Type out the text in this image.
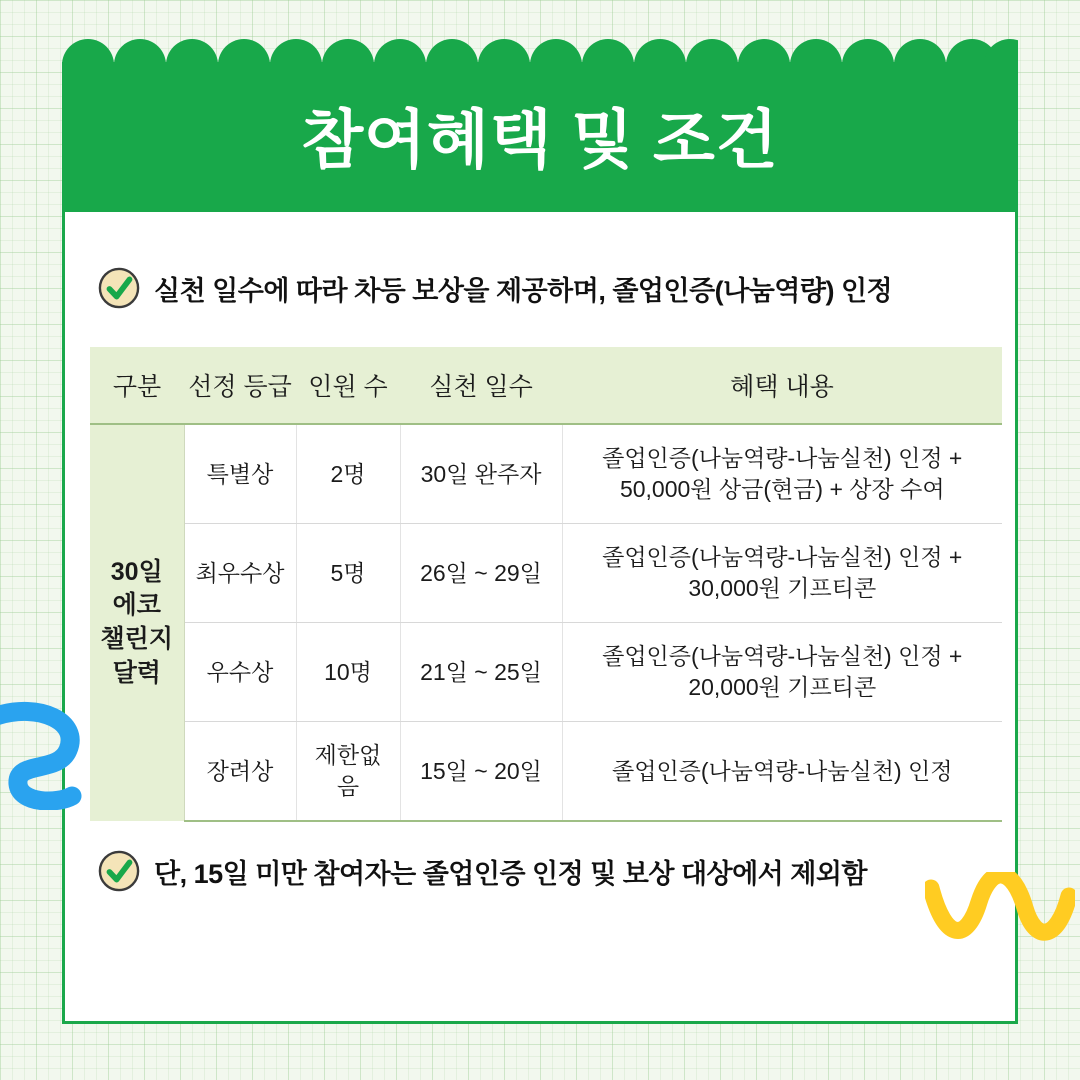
참여혜택 및 조건
실천 일수에 따라 차등 보상을 제공하며, 졸업인증(나눔역량) 인정
구분	선정 등급	인원 수	실천 일수	혜택 내용

30일
에코
챌린지
달력
	특별상	2명	30일 완주자	
졸업인증(나눔역량-나눔실천) 인정 +
50,000원 상금(현금) + 상장 수여

	최우수상	5명	26일 ~ 29일	졸업인증(나눔역량-나눔실천) 인정 +
30,000원 기프티콘

	우수상	10명	21일 ~ 25일	졸업인증(나눔역량-나눔실천) 인정 +
20,000원 기프티콘

	장려상	제한없음	15일 ~ 20일	졸업인증(나눔역량-나눔실천) 인정
단, 15일 미만 참여자는 졸업인증 인정 및 보상 대상에서 제외함
